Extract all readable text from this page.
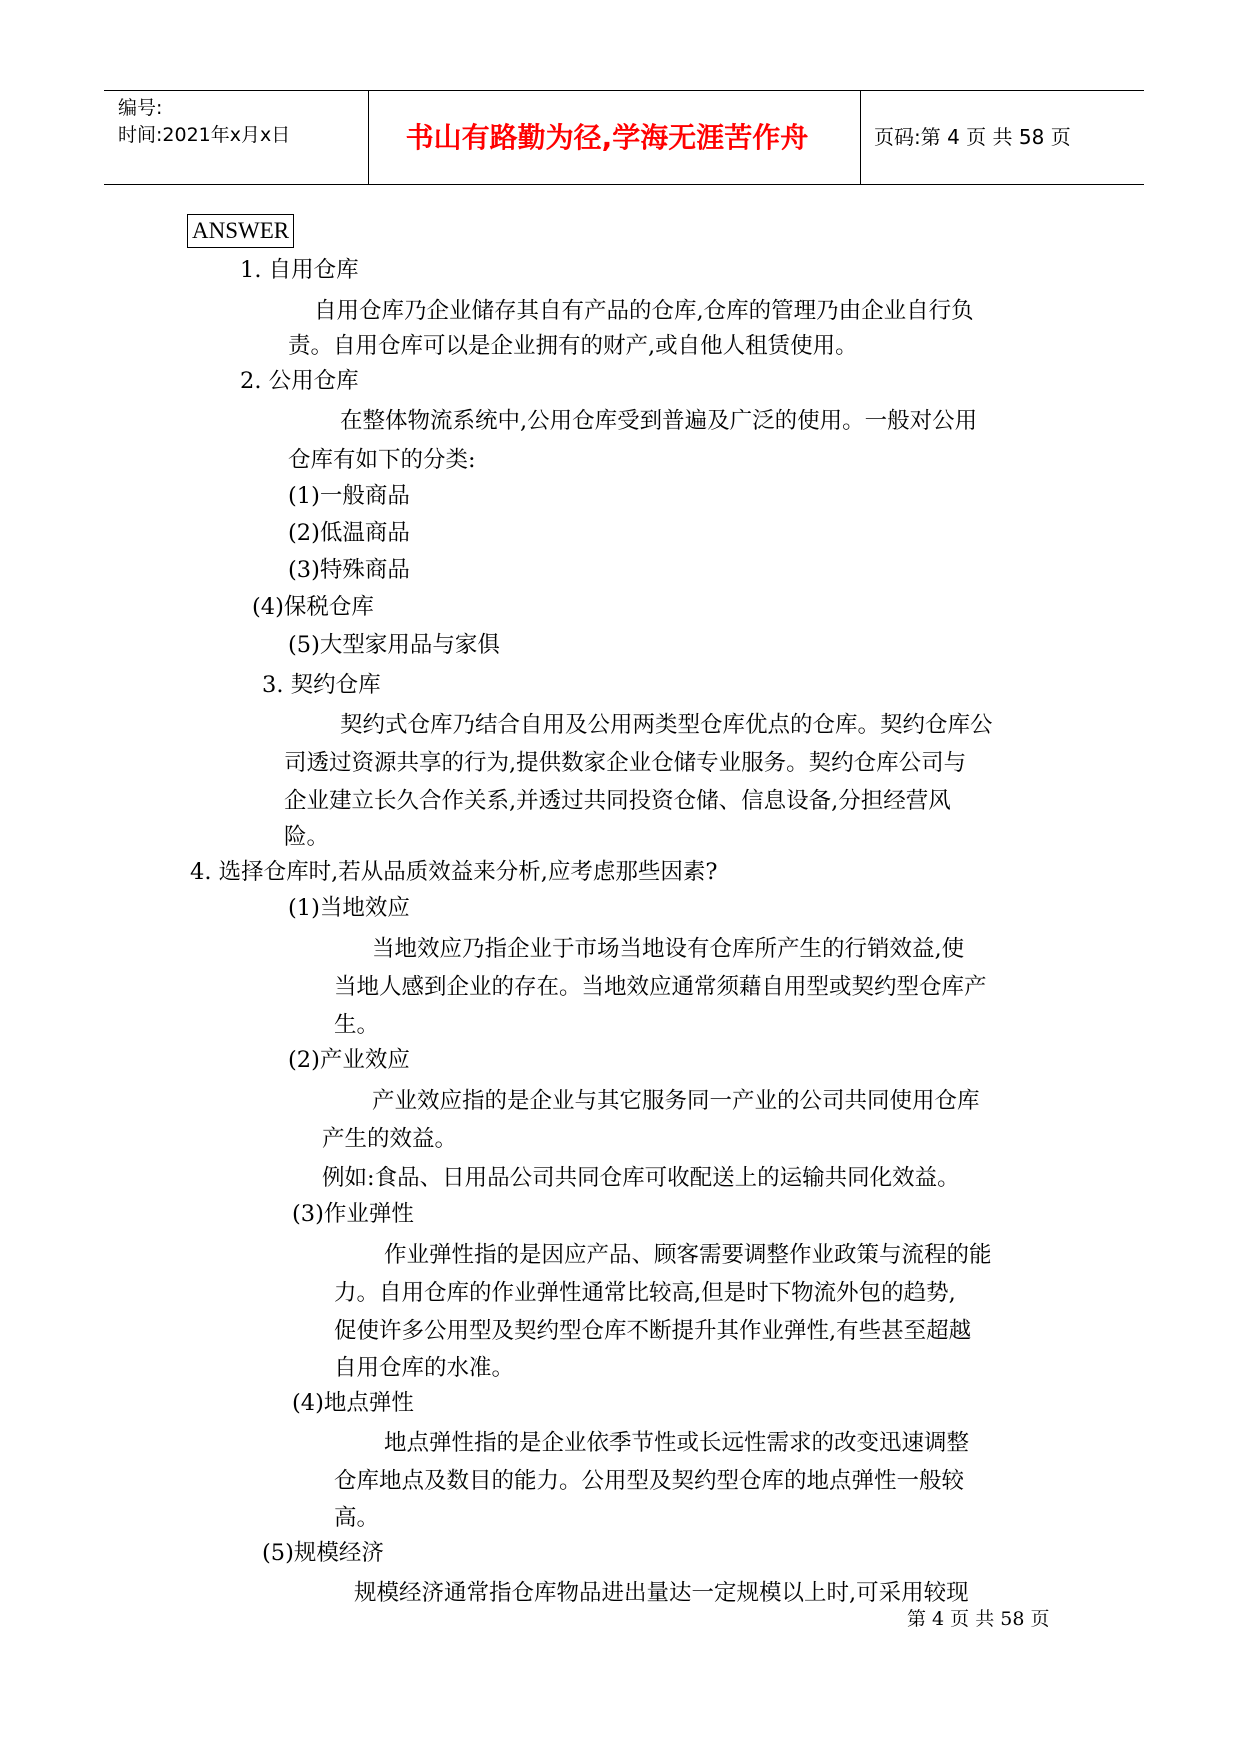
编号:
时间:2021年x月x日	书山有路勤为径,学海无涯苦作舟	页码:第 4 页 共 58 页
ANSWER
1. 自用仓库
自用仓库乃企业储存其自有产品的仓库,仓库的管理乃由企业自行负
责。自用仓库可以是企业拥有的财产,或自他人租赁使用。
2. 公用仓库
在整体物流系统中,公用仓库受到普遍及广泛的使用。一般对公用
仓库有如下的分类:
(1)一般商品
(2)低温商品
(3)特殊商品
(4)保税仓库
(5)大型家用品与家俱
3. 契约仓库
契约式仓库乃结合自用及公用两类型仓库优点的仓库。契约仓库公
司透过资源共享的行为,提供数家企业仓储专业服务。契约仓库公司与
企业建立长久合作关系,并透过共同投资仓储、信息设备,分担经营风
险。
4. 选择仓库时,若从品质效益来分析,应考虑那些因素?
(1)当地效应
当地效应乃指企业于市场当地设有仓库所产生的行销效益,使
当地人感到企业的存在。当地效应通常须藉自用型或契约型仓库产
生。
(2)产业效应
产业效应指的是企业与其它服务同一产业的公司共同使用仓库
产生的效益。
例如:食品、日用品公司共同仓库可收配送上的运输共同化效益。
(3)作业弹性
作业弹性指的是因应产品、顾客需要调整作业政策与流程的能
力。自用仓库的作业弹性通常比较高,但是时下物流外包的趋势,
促使许多公用型及契约型仓库不断提升其作业弹性,有些甚至超越
自用仓库的水准。
(4)地点弹性
地点弹性指的是企业依季节性或长远性需求的改变迅速调整
仓库地点及数目的能力。公用型及契约型仓库的地点弹性一般较
高。
(5)规模经济
规模经济通常指仓库物品进出量达一定规模以上时,可采用较现
第 4 页 共 58 页
